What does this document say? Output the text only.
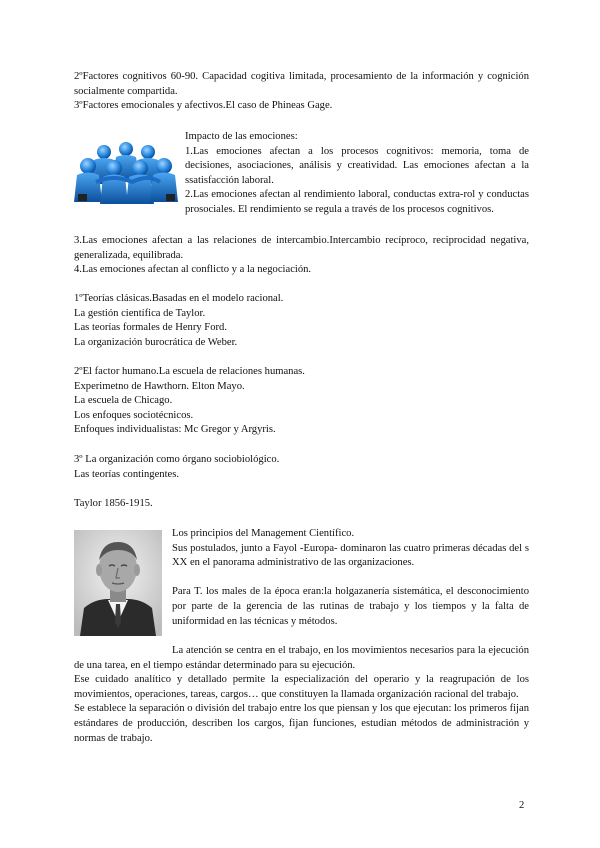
2ºFactores cognitivos 60-90. Capacidad cogitiva limitada, procesamiento de la información y cognición socialmente compartida.

3ºFactores emocionales y afectivos.El caso de Phineas Gage.

Impacto de las emociones:

1.Las emociones afectan a los procesos cognitivos: memoria, toma de decisiones, asociaciones, análisis y creatividad. Las emociones afectan a la ssatisfacción laboral.

2.Las emociones afectan al rendimiento laboral, conductas extra-rol y conductas prosociales. El rendimiento se regula a través de los procesos cognitivos.

3.Las emociones afectan a las relaciones de intercambio.Intercambio recíproco, reciprocidad negativa, generalizada, equilibrada.

4.Las emociones afectan al conflicto y a la negociación.

1ºTeorías clásicas.Basadas en el modelo racional.

La gestión científica de Taylor.

Las teorías formales de Henry Ford.

La organización burocrática de Weber.

2ºEl factor humano.La escuela de relaciones humanas.

Experimetno de Hawthorn. Elton Mayo.

La escuela de Chicago.

Los enfoques sociotécnicos.

Enfoques individualistas: Mc Gregor y Argyris.

3º La organización como órgano sociobiológico.

Las teorías contingentes.

Taylor 1856-1915.

Los principios del Management Científico.

Sus postulados, junto a Fayol -Europa- dominaron las cuatro primeras décadas del s XX en el panorama administrativo de las organizaciones.

Para T. los males de la época eran:la holgazanería sistemática, el desconocimiento por parte de la gerencia de las rutinas de trabajo y los tiempos y la falta de uniformidad en las técnicas y métodos.

La atención se centra en el trabajo, en los movimientos necesarios para la ejecución de una tarea, en el tiempo estándar determinado para su ejecución.

Ese cuidado analítico y detallado permite la especialización del operario y la reagrupación de los movimientos, operaciones, tareas, cargos… que constituyen la llamada organización racional del trabajo.

Se establece la separación o división del trabajo entre los que piensan y los que ejecutan: los primeros fijan estándares de producción, describen los cargos, fijan funciones, estudian métodos de administración y normas de trabajo.

2
